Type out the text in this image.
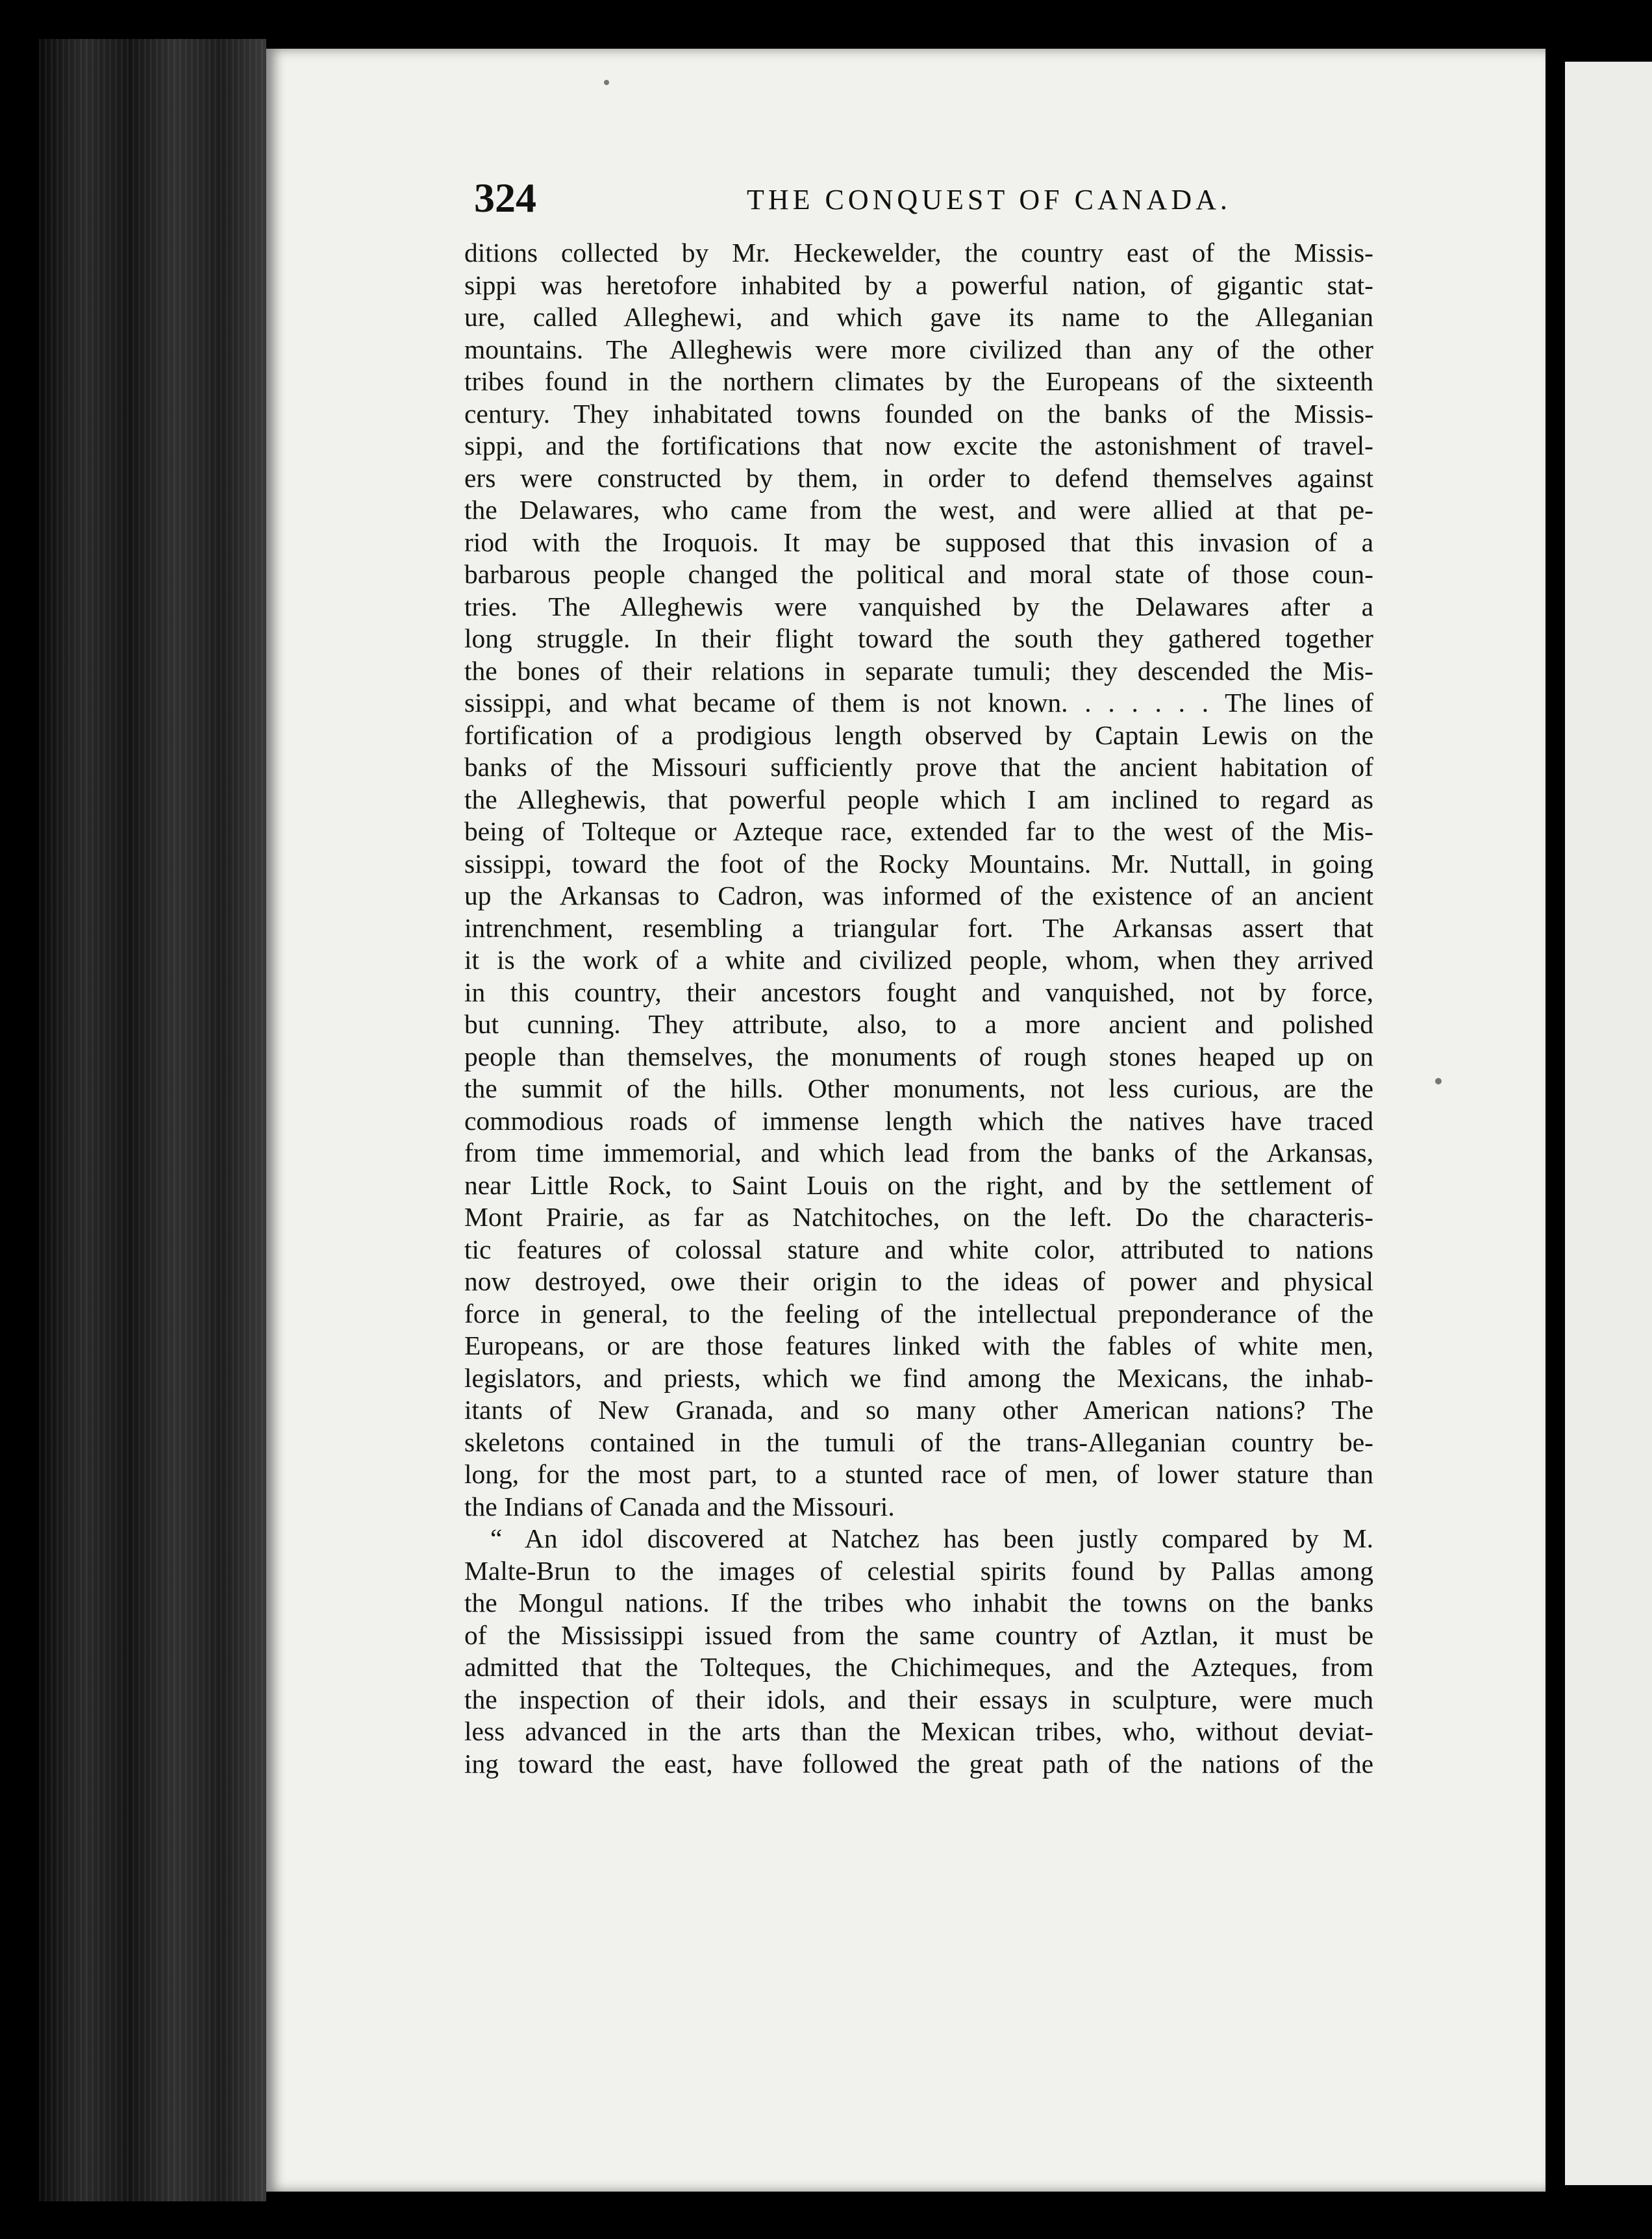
324	THE CONQUEST OF CANADA.
ditions collected by Mr. Heckewelder, the country east of the Missis-
sippi was heretofore inhabited by a powerful nation, of gigantic stat-
ure, called Alleghewi, and which gave its name to the Alleganian
mountains. The Alleghewis were more civilized than any of the other
tribes found in the northern climates by the Europeans of the sixteenth
century. They inhabitated towns founded on the banks of the Missis-
sippi, and the fortifications that now excite the astonishment of travel-
ers were constructed by them, in order to defend themselves against
the Delawares, who came from the west, and were allied at that pe-
riod with the Iroquois. It may be supposed that this invasion of a
barbarous people changed the political and moral state of those coun-
tries. The Alleghewis were vanquished by the Delawares after a
long struggle. In their flight toward the south they gathered together
the bones of their relations in separate tumuli; they descended the Mis-
sissippi, and what became of them is not known. . . . . . . The lines of
fortification of a prodigious length observed by Captain Lewis on the
banks of the Missouri sufficiently prove that the ancient habitation of
the Alleghewis, that powerful people which I am inclined to regard as
being of Tolteque or Azteque race, extended far to the west of the Mis-
sissippi, toward the foot of the Rocky Mountains. Mr. Nuttall, in going
up the Arkansas to Cadron, was informed of the existence of an ancient
intrenchment, resembling a triangular fort. The Arkansas assert that
it is the work of a white and civilized people, whom, when they arrived
in this country, their ancestors fought and vanquished, not by force,
but cunning. They attribute, also, to a more ancient and polished
people than themselves, the monuments of rough stones heaped up on
the summit of the hills. Other monuments, not less curious, are the
commodious roads of immense length which the natives have traced
from time immemorial, and which lead from the banks of the Arkansas,
near Little Rock, to Saint Louis on the right, and by the settlement of
Mont Prairie, as far as Natchitoches, on the left. Do the characteris-
tic features of colossal stature and white color, attributed to nations
now destroyed, owe their origin to the ideas of power and physical
force in general, to the feeling of the intellectual preponderance of the
Europeans, or are those features linked with the fables of white men,
legislators, and priests, which we find among the Mexicans, the inhab-
itants of New Granada, and so many other American nations? The
skeletons contained in the tumuli of the trans-Alleganian country be-
long, for the most part, to a stunted race of men, of lower stature than
the Indians of Canada and the Missouri.
“ An idol discovered at Natchez has been justly compared by M.
Malte-Brun to the images of celestial spirits found by Pallas among
the Mongul nations. If the tribes who inhabit the towns on the banks
of the Mississippi issued from the same country of Aztlan, it must be
admitted that the Tolteques, the Chichimeques, and the Azteques, from
the inspection of their idols, and their essays in sculpture, were much
less advanced in the arts than the Mexican tribes, who, without deviat-
ing toward the east, have followed the great path of the nations of the
